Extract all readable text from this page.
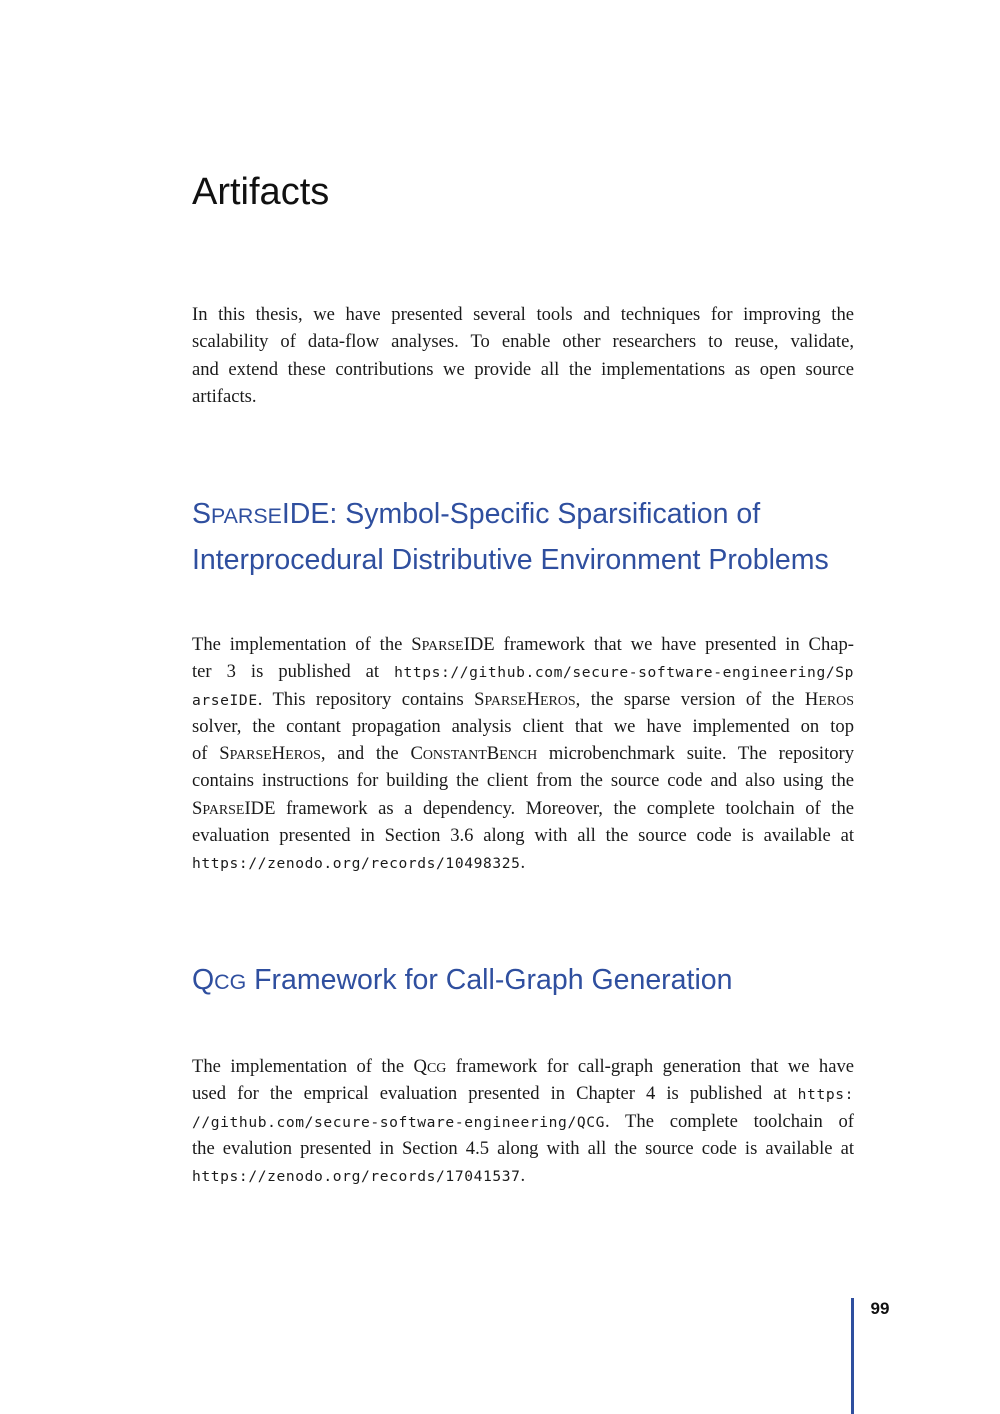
Artifacts
In this thesis, we have presented several tools and techniques for improving the
scalability of data-flow analyses. To enable other researchers to reuse, validate,
and extend these contributions we provide all the implementations as open source
artifacts.
SPARSEIDE: Symbol-Specific Sparsification of
Interprocedural Distributive Environment Problems
The implementation of the SPARSEIDE framework that we have presented in Chap-
ter 3 is published at https://github.com/secure-software-engineering/Sp
arseIDE. This repository contains SPARSEHEROS, the sparse version of the HEROS
solver, the contant propagation analysis client that we have implemented on top
of SPARSEHEROS, and the CONSTANTBENCH microbenchmark suite. The repository
contains instructions for building the client from the source code and also using the
SPARSEIDE framework as a dependency. Moreover, the complete toolchain of the
evaluation presented in Section 3.6 along with all the source code is available at
https://zenodo.org/records/10498325.
QCG Framework for Call-Graph Generation
The implementation of the QCG framework for call-graph generation that we have
used for the emprical evaluation presented in Chapter 4 is published at https:
//github.com/secure-software-engineering/QCG. The complete toolchain of
the evalution presented in Section 4.5 along with all the source code is available at
https://zenodo.org/records/17041537.
99
